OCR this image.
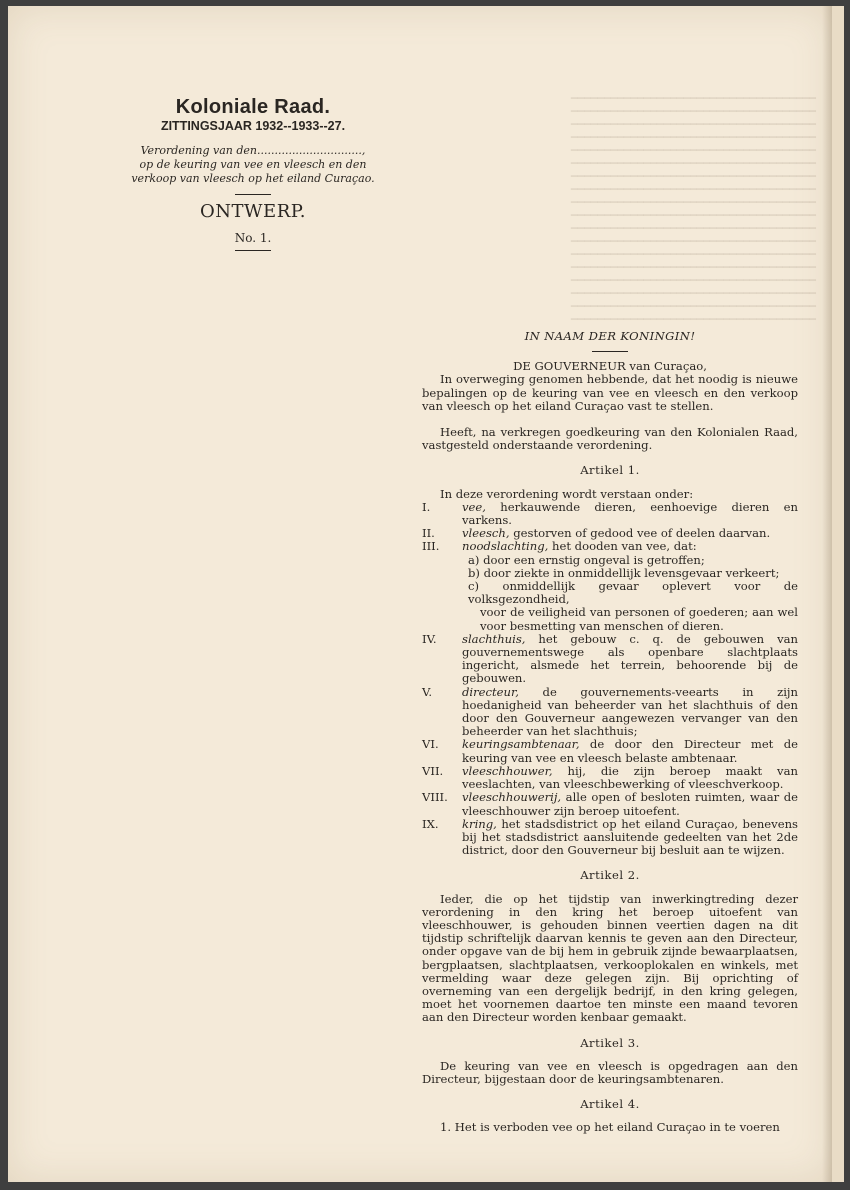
━━━━━━━━━━━━━━━━━━━━━━━━━━━━━━━━━━━━━
━━━━━━━━━━━━━━━━━━━━━━━━━━━━━━━━━━━━━
━━━━━━━━━━━━━━━━━━━━━━━━━━━━━━━━━━━━━
━━━━━━━━━━━━━━━━━━━━━━━━━━━━━━━━━━━━━
━━━━━━━━━━━━━━━━━━━━━━━━━━━━━━━━━━━━━
━━━━━━━━━━━━━━━━━━━━━━━━━━━━━━━━━━━━━
━━━━━━━━━━━━━━━━━━━━━━━━━━━━━━━━━━━━━
━━━━━━━━━━━━━━━━━━━━━━━━━━━━━━━━━━━━━
━━━━━━━━━━━━━━━━━━━━━━━━━━━━━━━━━━━━━
━━━━━━━━━━━━━━━━━━━━━━━━━━━━━━━━━━━━━
━━━━━━━━━━━━━━━━━━━━━━━━━━━━━━━━━━━━━
━━━━━━━━━━━━━━━━━━━━━━━━━━━━━━━━━━━━━
━━━━━━━━━━━━━━━━━━━━━━━━━━━━━━━━━━━━━
━━━━━━━━━━━━━━━━━━━━━━━━━━━━━━━━━━━━━
━━━━━━━━━━━━━━━━━━━━━━━━━━━━━━━━━━━━━
━━━━━━━━━━━━━━━━━━━━━━━━━━━━━━━━━━━━━
━━━━━━━━━━━━━━━━━━━━━━━━━━━━━━━━━━━━━
━━━━━━━━━━━━━━━━━━━━━━━━━━━━━━━━━━━━━
Koloniale Raad.
ZITTINGSJAAR 1932--1933--27.
Verordening van den..............................,
op de keuring van vee en vleesch en den
verkoop van vleesch op het eiland Curaçao.
ONTWERP.
No. 1.
IN NAAM DER KONINGIN!
DE GOUVERNEUR van Curaçao,
In overweging genomen hebbende, dat het noodig is nieuwe bepalingen op de keuring van vee en vleesch en den verkoop van vleesch op het eiland Curaçao vast te stellen.
Heeft, na verkregen goedkeuring van den Kolonialen Raad, vastgesteld onderstaande verordening.
Artikel 1.
In deze verordening wordt verstaan onder:
I.	vee, herkauwende dieren, eenhoevige dieren en varkens.
II.	vleesch, gestorven of gedood vee of deelen daarvan.
III.	noodslachting, het dooden van vee, dat:
a) door een ernstig ongeval is getroffen;
b) door ziekte in onmiddellijk levensgevaar verkeert;
c) onmiddellijk gevaar oplevert voor de volksgezondheid,
voor de veiligheid van personen of goederen; aan wel voor besmetting van menschen of dieren.
IV.	slachthuis, het gebouw c. q. de gebouwen van gouvernementswege als openbare slachtplaats ingericht, alsmede het terrein, behoorende bij de gebouwen.
V.	directeur, de gouvernements-veearts in zijn hoedanigheid van beheerder van het slachthuis of den door den Gouverneur aangewezen vervanger van den beheerder van het slachthuis;
VI.	keuringsambtenaar, de door den Directeur met de keuring van vee en vleesch belaste ambtenaar.
VII.	vleeschhouwer, hij, die zijn beroep maakt van veeslachten, van vleeschbewerking of vleeschverkoop.
VIII.	vleeschhouwerij, alle open of besloten ruimten, waar de vleeschhouwer zijn beroep uitoefent.
IX.	kring, het stadsdistrict op het eiland Curaçao, benevens bij het stadsdistrict aansluitende gedeelten van het 2de district, door den Gouverneur bij besluit aan te wijzen.
Artikel 2.
Ieder, die op het tijdstip van inwerkingtreding dezer verordening in den kring het beroep uitoefent van vleeschhouwer, is gehouden binnen veertien dagen na dit tijdstip schriftelijk daarvan kennis te geven aan den Directeur, onder opgave van de bij hem in gebruik zijnde bewaarplaatsen, bergplaatsen, slachtplaatsen, verkooplokalen en winkels, met vermelding waar deze gelegen zijn. Bij oprichting of overneming van een dergelijk bedrijf, in den kring gelegen, moet het voornemen daartoe ten minste een maand tevoren aan den Directeur worden kenbaar gemaakt.
Artikel 3.
De keuring van vee en vleesch is opgedragen aan den Directeur, bijgestaan door de keuringsambtenaren.
Artikel 4.
1. Het is verboden vee op het eiland Curaçao in te voeren
